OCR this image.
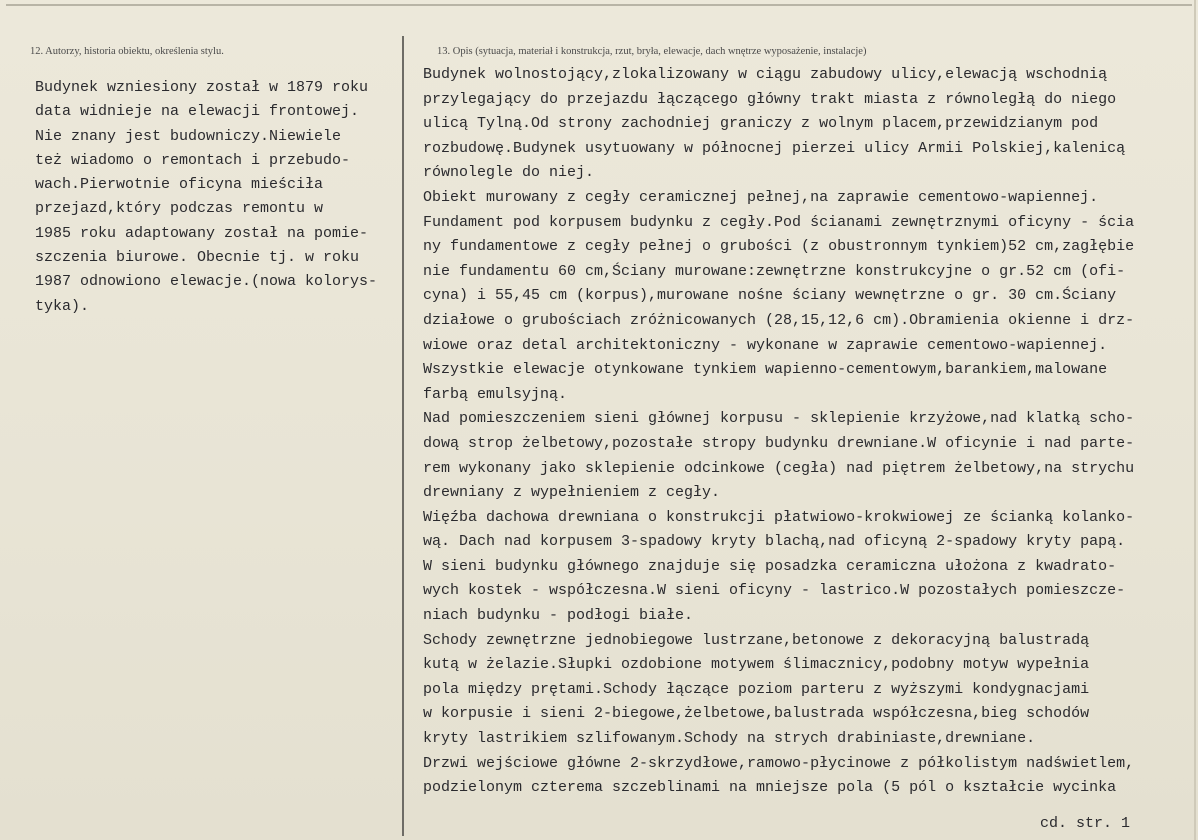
12. Autorzy, historia obiektu, określenia stylu.	13. Opis (sytuacja, materiał i konstrukcja, rzut, bryła, elewacje, dach wnętrze wyposażenie, instalacje)
Budynek wzniesiony został w 1879 roku
data widnieje na elewacji frontowej.
Nie znany jest budowniczy.Niewiele
też wiadomo o remontach i przebudo-
wach.Pierwotnie oficyna mieściła
przejazd,który podczas remontu w
1985 roku adaptowany został na pomie-
szczenia biurowe. Obecnie tj. w roku
1987 odnowiono elewacje.(nowa kolorys-
tyka).
Budynek wolnostojący,zlokalizowany w ciągu zabudowy ulicy,elewacją wschodnią
przylegający do przejazdu łączącego główny trakt miasta z równoległą do niego
ulicą Tylną.Od strony zachodniej graniczy z wolnym placem,przewidzianym pod
rozbudowę.Budynek usytuowany w północnej pierzei ulicy Armii Polskiej,kalenicą
równolegle do niej.
Obiekt murowany z cegły ceramicznej pełnej,na zaprawie cementowo-wapiennej.
Fundament pod korpusem budynku z cegły.Pod ścianami zewnętrznymi oficyny - ścia
ny fundamentowe z cegły pełnej o grubości (z obustronnym tynkiem)52 cm,zagłębie
nie fundamentu 60 cm,Ściany murowane:zewnętrzne konstrukcyjne o gr.52 cm (ofi-
cyna) i 55,45 cm (korpus),murowane nośne ściany wewnętrzne o gr. 30 cm.Ściany
działowe o grubościach zróżnicowanych (28,15,12,6 cm).Obramienia okienne i drz-
wiowe oraz detal architektoniczny - wykonane w zaprawie cementowo-wapiennej.
Wszystkie elewacje otynkowane tynkiem wapienno-cementowym,barankiem,malowane
farbą emulsyjną.
Nad pomieszczeniem sieni głównej korpusu - sklepienie krzyżowe,nad klatką scho-
dową strop żelbetowy,pozostałe stropy budynku drewniane.W oficynie i nad parte-
rem wykonany jako sklepienie odcinkowe (cegła) nad piętrem żelbetowy,na strychu
drewniany z wypełnieniem z cegły.
Więźba dachowa drewniana o konstrukcji płatwiowo-krokwiowej ze ścianką kolanko-
wą. Dach nad korpusem 3-spadowy kryty blachą,nad oficyną 2-spadowy kryty papą.
W sieni budynku głównego znajduje się posadzka ceramiczna ułożona z kwadrato-
wych kostek - współczesna.W sieni oficyny - lastrico.W pozostałych pomieszcze-
niach budynku - podłogi białe.
Schody zewnętrzne jednobiegowe lustrzane,betonowe z dekoracyjną balustradą
kutą w żelazie.Słupki ozdobione motywem ślimacznicy,podobny motyw wypełnia
pola między prętami.Schody łączące poziom parteru z wyższymi kondygnacjami
w korpusie i sieni 2-biegowe,żelbetowe,balustrada współczesna,bieg schodów
kryty lastrikiem szlifowanym.Schody na strych drabiniaste,drewniane.
Drzwi wejściowe główne 2-skrzydłowe,ramowo-płycinowe z półkolistym nadświetlem,
podzielonym czterema szczeblinami na mniejsze pola (5 pól o kształcie wycinka
cd. str. 1
